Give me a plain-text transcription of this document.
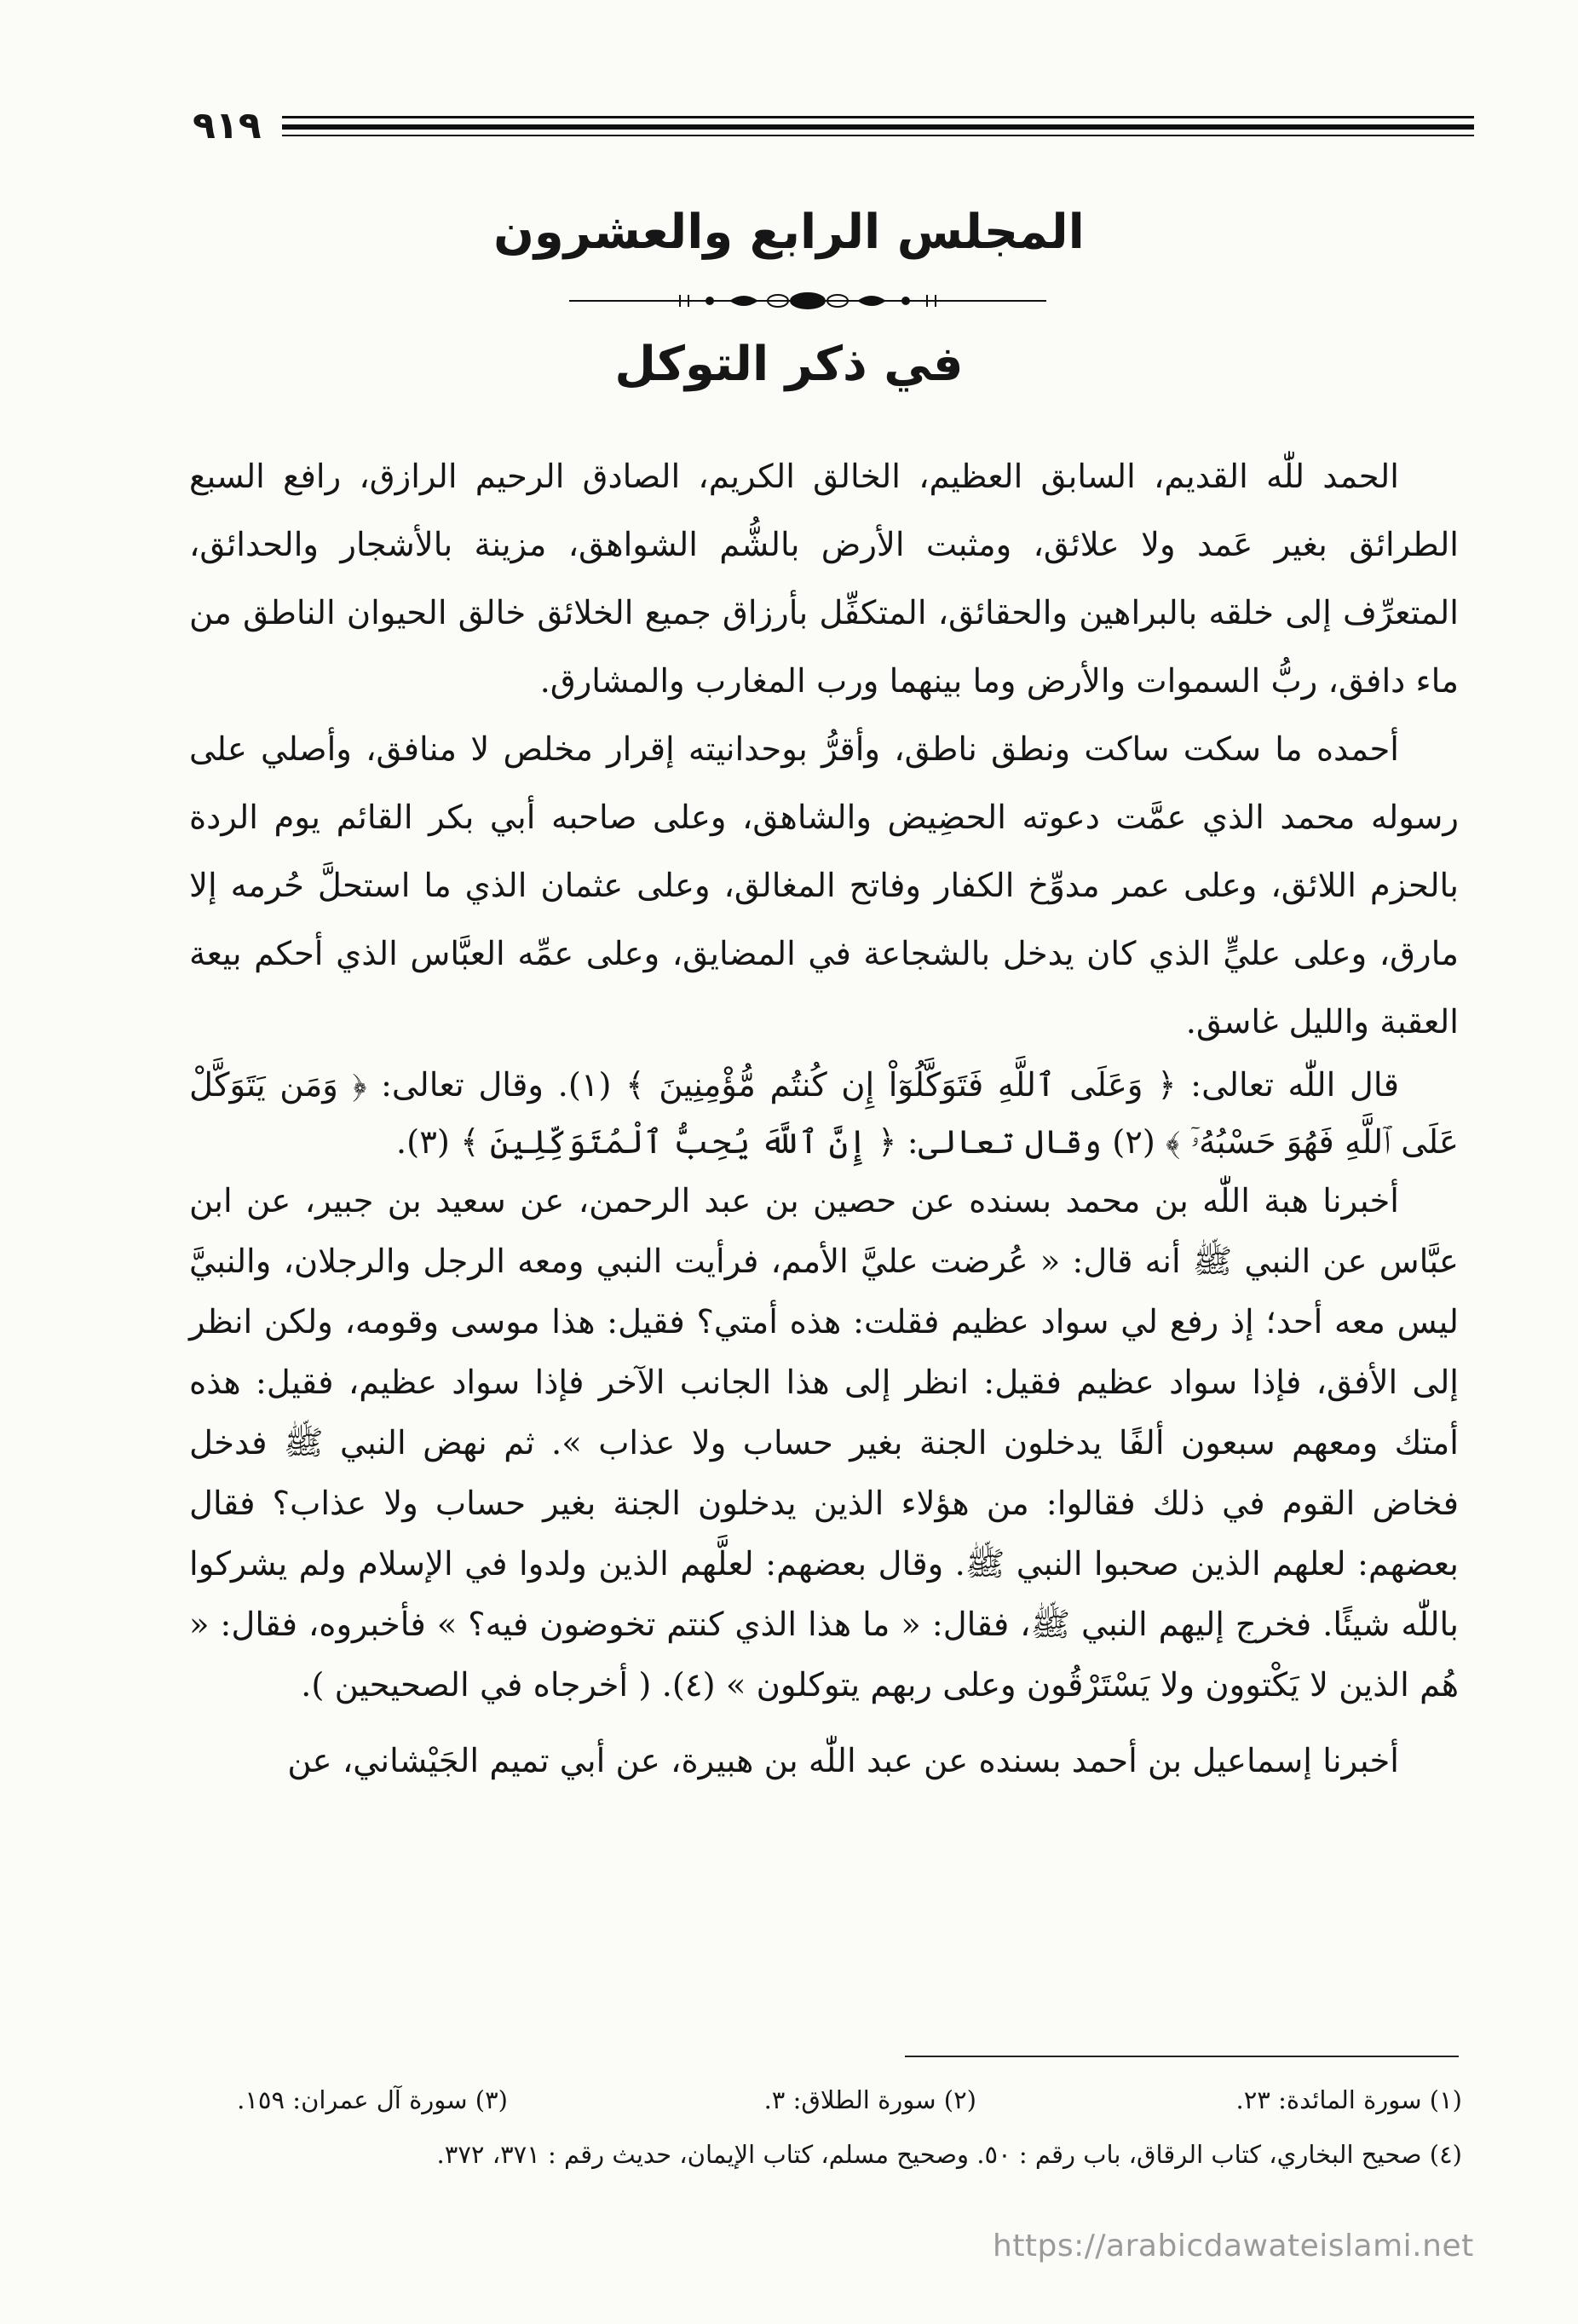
٩١٩
المجلس الرابع والعشرون
في ذكر التوكل

الحمد للّٰه القديم، السابق العظيم، الخالق الكريم، الصادق الرحيم الرازق، رافع السبع الطرائق بغير عَمد ولا علائق، ومثبت الأرض بالشُّم الشواهق، مزينة بالأشجار والحدائق، المتعرِّف إلى خلقه بالبراهين والحقائق، المتكفِّل بأرزاق جميع الخلائق خالق الحيوان الناطق من ماء دافق، ربُّ السموات والأرض وما بينهما ورب المغارب والمشارق.

أحمده ما سكت ساكت ونطق ناطق، وأقرُّ بوحدانيته إقرار مخلص لا منافق، وأصلي على رسوله محمد الذي عمَّت دعوته الحضِيض والشاهق، وعلى صاحبه أبي بكر القائم يوم الردة بالحزم اللائق، وعلى عمر مدوِّخ الكفار وفاتح المغالق، وعلى عثمان الذي ما استحلَّ حُرمه إلا مارق، وعلى عليٍّ الذي كان يدخل بالشجاعة في المضايق، وعلى عمِّه العبَّاس الذي أحكم بيعة العقبة والليل غاسق.

قال اللّٰه تعالى: ﴿ وَعَلَى ٱللَّهِ فَتَوَكَّلُوٓاْ إِن كُنتُم مُّؤْمِنِينَ ﴾ (١). وقال تعالى: ﴿ وَمَن يَتَوَكَّلْ عَلَى ٱللَّهِ فَهُوَ حَسْبُهُۥٓ ﴾ (٢) وقال تعالى: ﴿ إِنَّ ٱللَّهَ يُحِبُّ ٱلْمُتَوَكِّلِينَ ﴾ (٣).

أخبرنا هبة اللّٰه بن محمد بسنده عن حصين بن عبد الرحمن، عن سعيد بن جبير، عن ابن عبَّاس عن النبي ﷺ أنه قال: « عُرضت عليَّ الأمم، فرأيت النبي ومعه الرجل والرجلان، والنبيَّ ليس معه أحد؛ إذ رفع لي سواد عظيم فقلت: هذه أمتي؟ فقيل: هذا موسى وقومه، ولكن انظر إلى الأفق، فإذا سواد عظيم فقيل: انظر إلى هذا الجانب الآخر فإذا سواد عظيم، فقيل: هذه أمتك ومعهم سبعون ألفًا يدخلون الجنة بغير حساب ولا عذاب ». ثم نهض النبي ﷺ فدخل فخاض القوم في ذلك فقالوا: من هؤلاء الذين يدخلون الجنة بغير حساب ولا عذاب؟ فقال بعضهم: لعلهم الذين صحبوا النبي ﷺ. وقال بعضهم: لعلَّهم الذين ولدوا في الإسلام ولم يشركوا باللّٰه شيئًا. فخرج إليهم النبي ﷺ، فقال: « ما هذا الذي كنتم تخوضون فيه؟ » فأخبروه، فقال: « هُم الذين لا يَكْتوون ولا يَسْتَرْقُون وعلى ربهم يتوكلون » (٤). ( أخرجاه في الصحيحين ).

أخبرنا إسماعيل بن أحمد بسنده عن عبد اللّٰه بن هبيرة، عن أبي تميم الجَيْشاني، عن

(١) سورة المائدة: ٢٣.
(٢) سورة الطلاق: ٣.
(٣) سورة آل عمران: ١٥٩.
(٤) صحيح البخاري، كتاب الرقاق، باب رقم : ٥٠. وصحيح مسلم، كتاب الإيمان، حديث رقم : ٣٧١، ٣٧٢.
https://arabicdawateislami.net
